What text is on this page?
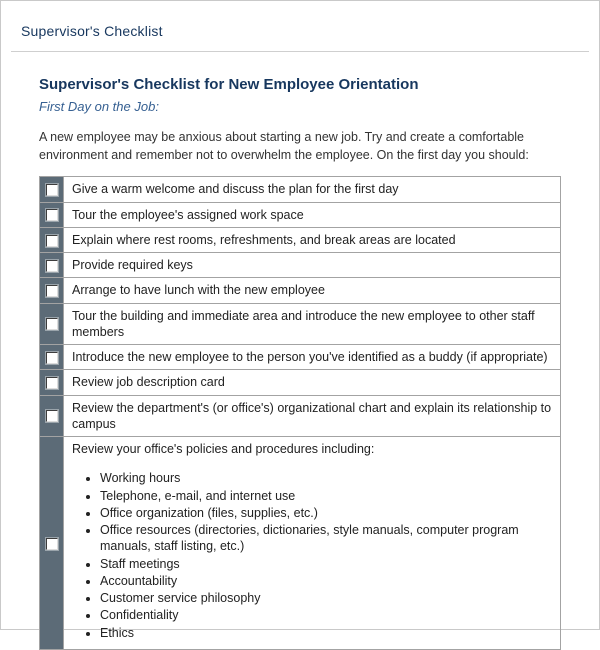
Supervisor's Checklist
Supervisor's Checklist for New Employee Orientation
First Day on the Job:

A new employee may be anxious about starting a new job. Try and create a comfortable environment and remember not to overwhelm the employee. On the first day you should:

	Give a warm welcome and discuss the plan for the first day
	Tour the employee's assigned work space
	Explain where rest rooms, refreshments, and break areas are located
	Provide required keys
	Arrange to have lunch with the new employee
	Tour the building and immediate area and introduce the new employee to other staff members
	Introduce the new employee to the person you've identified as a buddy (if appropriate)
	Review job description card
	Review the department's (or office's) organizational chart and explain its relationship to campus

Review your office's policies and procedures including:
• Working hours
• Telephone, e-mail, and internet use
• Office organization (files, supplies, etc.)
• Office resources (directories, dictionaries, style manuals, computer program manuals, staff listing, etc.)
• Staff meetings
• Accountability
• Customer service philosophy
• Confidentiality
• Ethics
